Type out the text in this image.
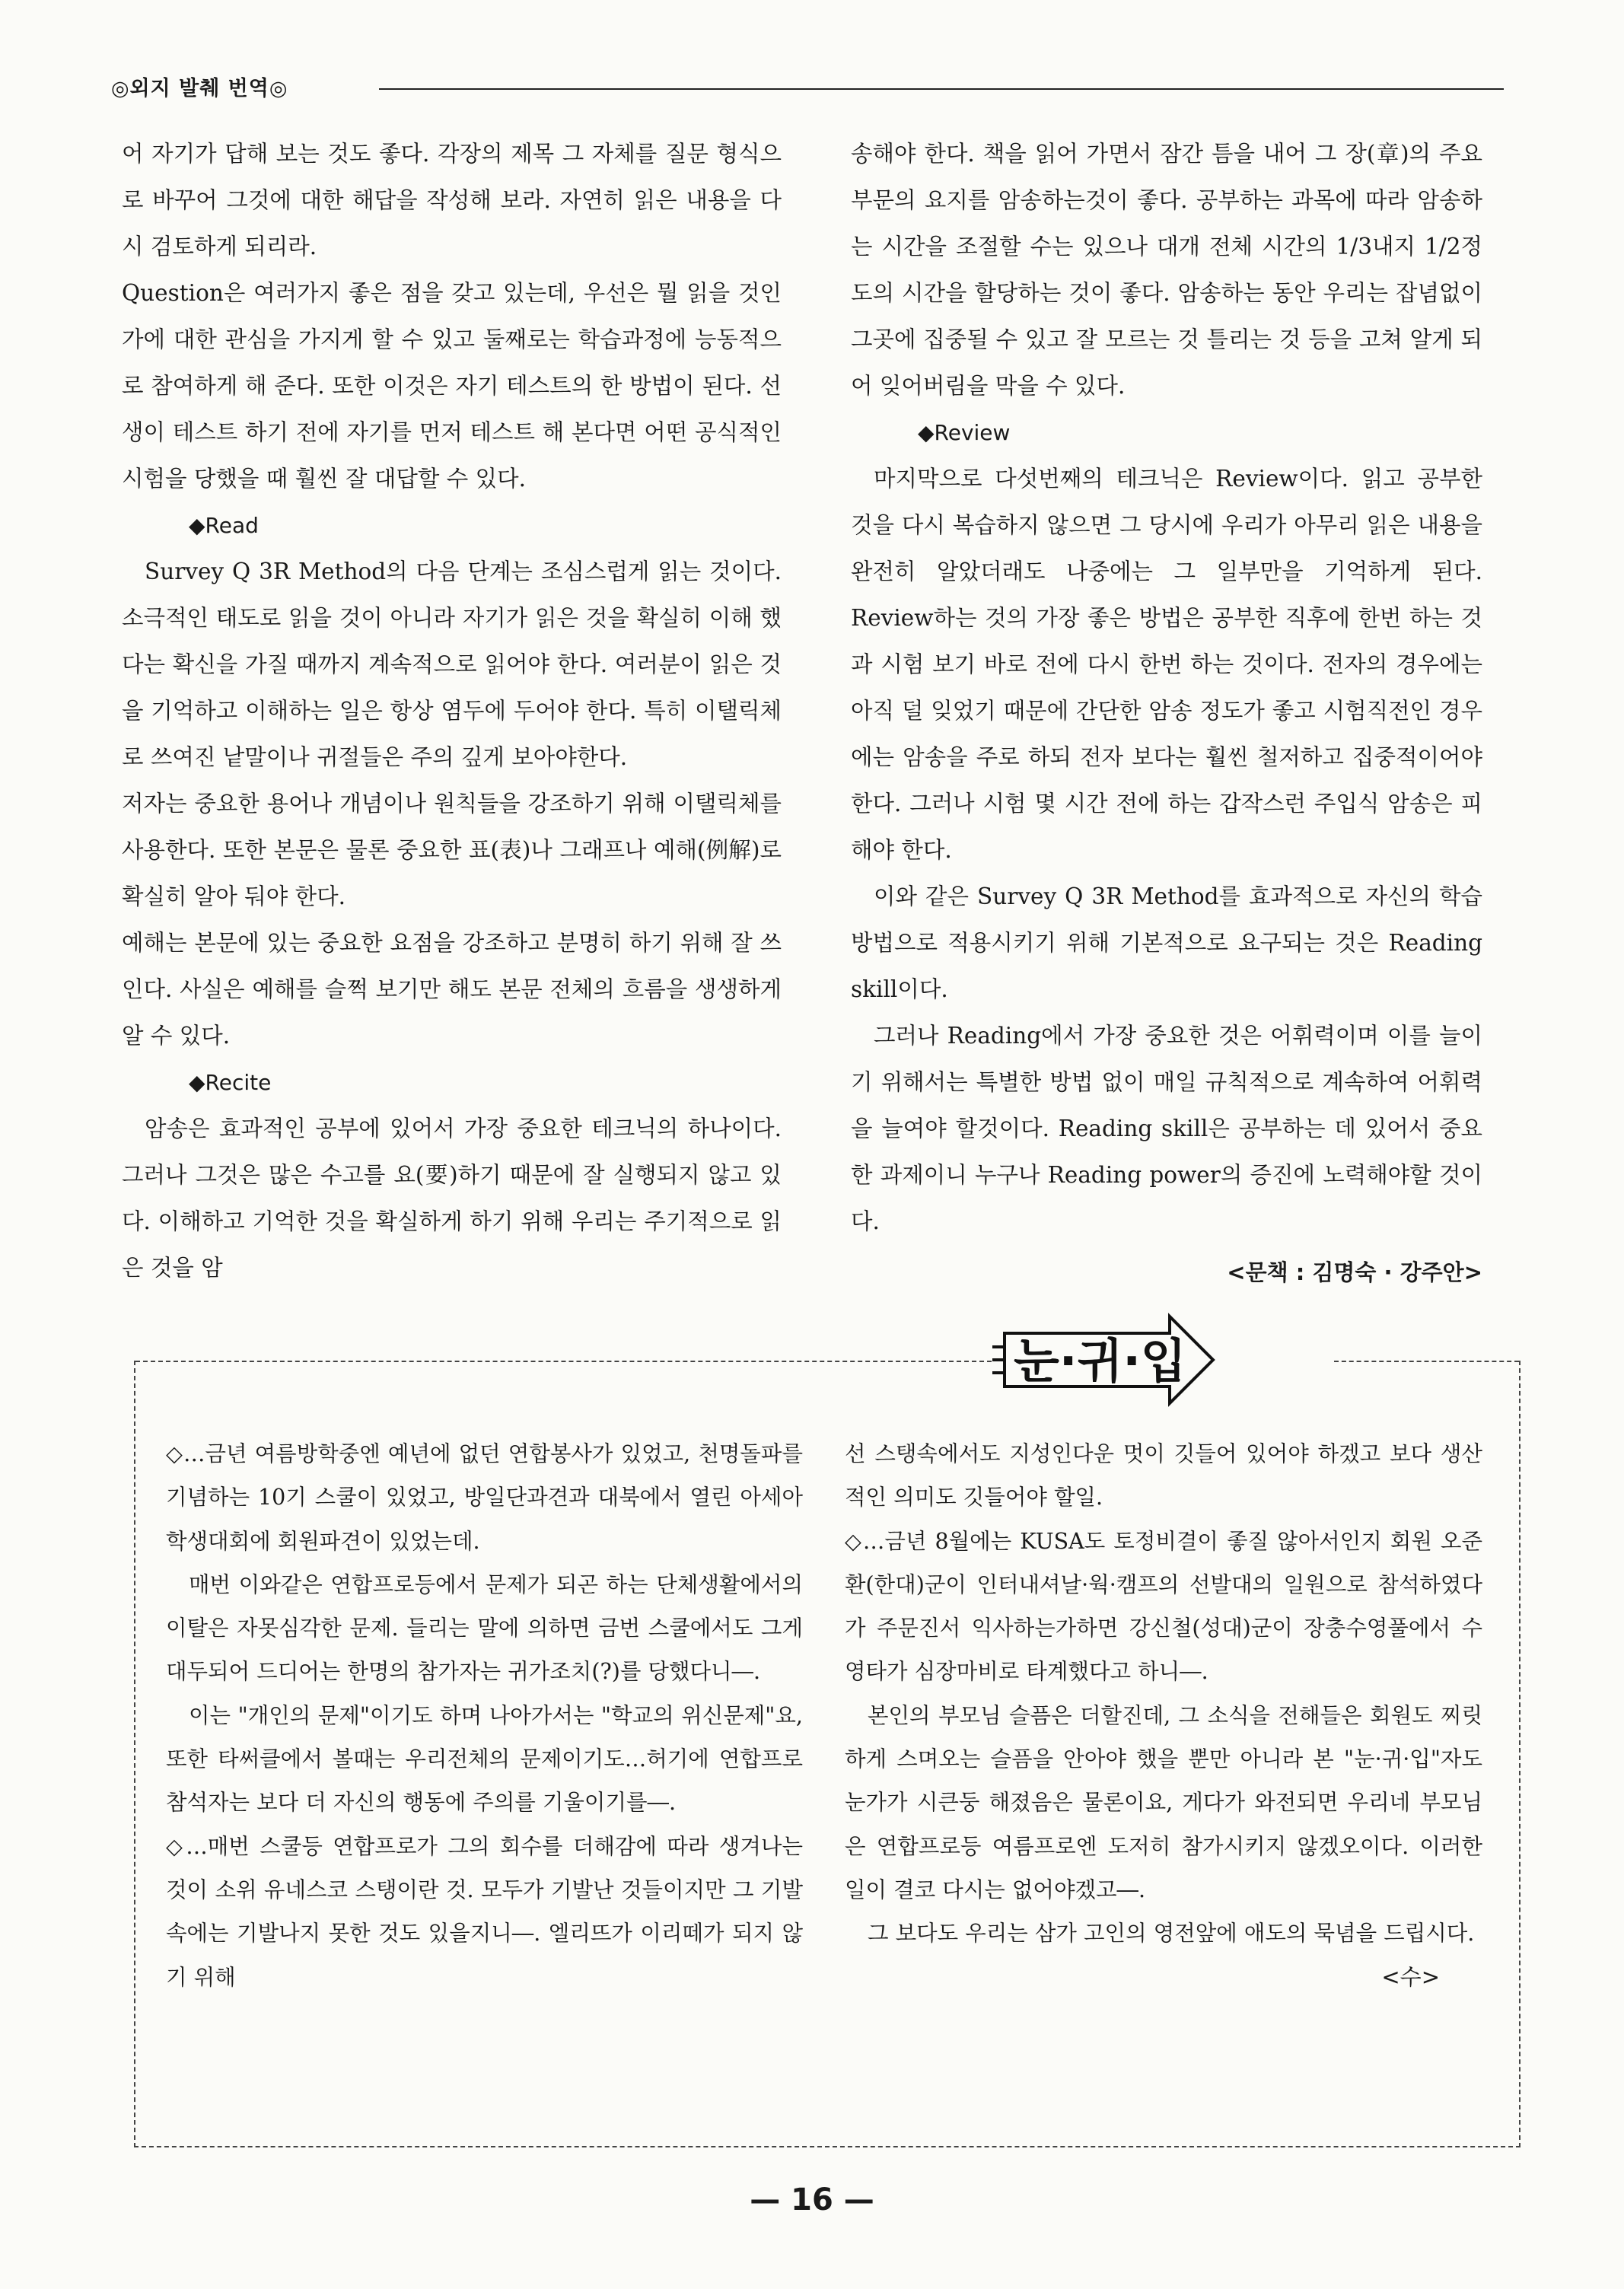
◎외지 발췌 번역◎

어 자기가 답해 보는 것도 좋다. 각장의 제목 그 자체를 질문 형식으로 바꾸어 그것에 대한 해답을 작성해 보라. 자연히 읽은 내용을 다시 검토하게 되리라.

Question은 여러가지 좋은 점을 갖고 있는데, 우선은 뭘 읽을 것인가에 대한 관심을 가지게 할 수 있고 둘째로는 학습과정에 능동적으로 참여하게 해 준다. 또한 이것은 자기 테스트의 한 방법이 된다. 선생이 테스트 하기 전에 자기를 먼저 테스트 해 본다면 어떤 공식적인 시험을 당했을 때 훨씬 잘 대답할 수 있다.

◆Read

Survey Q 3R Method의 다음 단계는 조심스럽게 읽는 것이다. 소극적인 태도로 읽을 것이 아니라 자기가 읽은 것을 확실히 이해 했다는 확신을 가질 때까지 계속적으로 읽어야 한다. 여러분이 읽은 것을 기억하고 이해하는 일은 항상 염두에 두어야 한다. 특히 이탤릭체로 쓰여진 낱말이나 귀절들은 주의 깊게 보아야한다.

저자는 중요한 용어나 개념이나 원칙들을 강조하기 위해 이탤릭체를 사용한다. 또한 본문은 물론 중요한 표(表)나 그래프나 예해(例解)로 확실히 알아 둬야 한다.

예해는 본문에 있는 중요한 요점을 강조하고 분명히 하기 위해 잘 쓰인다. 사실은 예해를 슬쩍 보기만 해도 본문 전체의 흐름을 생생하게 알 수 있다.

◆Recite

암송은 효과적인 공부에 있어서 가장 중요한 테크닉의 하나이다. 그러나 그것은 많은 수고를 요(要)하기 때문에 잘 실행되지 않고 있다. 이해하고 기억한 것을 확실하게 하기 위해 우리는 주기적으로 읽은 것을 암

송해야 한다. 책을 읽어 가면서 잠간 틈을 내어 그 장(章)의 주요부문의 요지를 암송하는것이 좋다. 공부하는 과목에 따라 암송하는 시간을 조절할 수는 있으나 대개 전체 시간의 1/3내지 1/2정도의 시간을 할당하는 것이 좋다. 암송하는 동안 우리는 잡념없이 그곳에 집중될 수 있고 잘 모르는 것 틀리는 것 등을 고쳐 알게 되어 잊어버림을 막을 수 있다.

◆Review

마지막으로 다섯번째의 테크닉은 Review이다. 읽고 공부한 것을 다시 복습하지 않으면 그 당시에 우리가 아무리 읽은 내용을 완전히 알았더래도 나중에는 그 일부만을 기억하게 된다. Review하는 것의 가장 좋은 방법은 공부한 직후에 한번 하는 것과 시험 보기 바로 전에 다시 한번 하는 것이다. 전자의 경우에는 아직 덜 잊었기 때문에 간단한 암송 정도가 좋고 시험직전인 경우에는 암송을 주로 하되 전자 보다는 훨씬 철저하고 집중적이어야 한다. 그러나 시험 몇 시간 전에 하는 갑작스런 주입식 암송은 피해야 한다.

이와 같은 Survey Q 3R Method를 효과적으로 자신의 학습방법으로 적용시키기 위해 기본적으로 요구되는 것은 Reading skill이다.

그러나 Reading에서 가장 중요한 것은 어휘력이며 이를 늘이기 위해서는 특별한 방법 없이 매일 규칙적으로 계속하여 어휘력을 늘여야 할것이다. Reading skill은 공부하는 데 있어서 중요한 과제이니 누구나 Reading power의 증진에 노력해야할 것이다.

<문책 : 김명숙 · 강주안>
눈·귀·입

◇…금년 여름방학중엔 예년에 없던 연합봉사가 있었고, 천명돌파를 기념하는 10기 스쿨이 있었고, 방일단과견과 대북에서 열린 아세아 학생대회에 회원파견이 있었는데.

매번 이와같은 연합프로등에서 문제가 되곤 하는 단체생활에서의 이탈은 자못심각한 문제. 들리는 말에 의하면 금번 스쿨에서도 그게 대두되어 드디어는 한명의 참가자는 귀가조치(?)를 당했다니―.

이는 "개인의 문제"이기도 하며 나아가서는 "학교의 위신문제"요, 또한 타써클에서 볼때는 우리전체의 문제이기도…허기에 연합프로 참석자는 보다 더 자신의 행동에 주의를 기울이기를―.

◇…매번 스쿨등 연합프로가 그의 회수를 더해감에 따라 생겨나는 것이 소위 유네스코 스탱이란 것. 모두가 기발난 것들이지만 그 기발 속에는 기발나지 못한 것도 있을지니―. 엘리뜨가 이리떼가 되지 않기 위해

선 스탱속에서도 지성인다운 멋이 깃들어 있어야 하겠고 보다 생산적인 의미도 깃들어야 할일.

◇…금년 8월에는 KUSA도 토정비결이 좋질 않아서인지 회원 오준환(한대)군이 인터내셔날·웍·캠프의 선발대의 일원으로 참석하였다가 주문진서 익사하는가하면 강신철(성대)군이 장충수영풀에서 수영타가 심장마비로 타계했다고 하니―.

본인의 부모님 슬픔은 더할진데, 그 소식을 전해들은 회원도 찌릿하게 스며오는 슬픔을 안아야 했을 뿐만 아니라 본 "눈·귀·입"자도 눈가가 시큰둥 해졌음은 물론이요, 게다가 와전되면 우리네 부모님은 연합프로등 여름프로엔 도저히 참가시키지 않겠오이다. 이러한 일이 결코 다시는 없어야겠고―.

그 보다도 우리는 삼가 고인의 영전앞에 애도의 묵념을 드립시다.

<수>
— 16 —
